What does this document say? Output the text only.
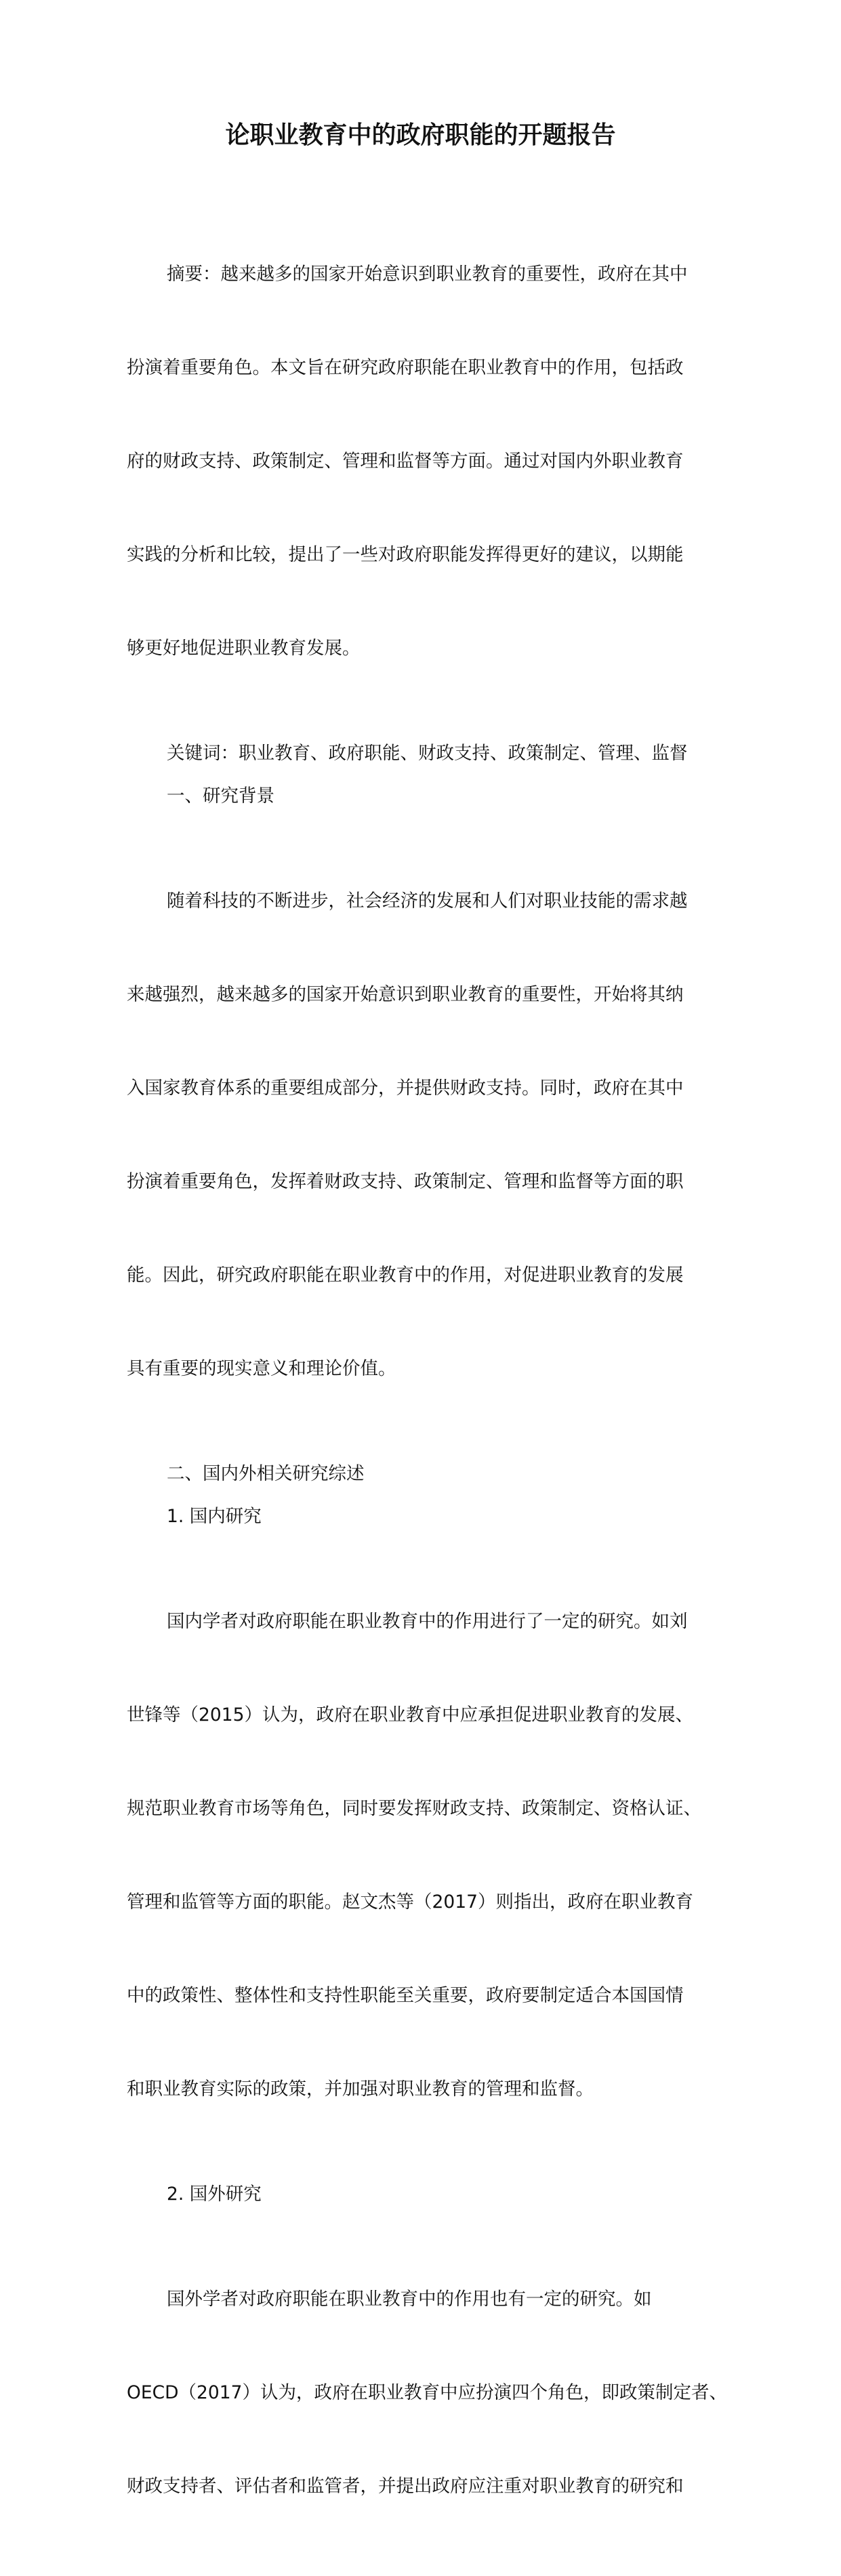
论职业教育中的政府职能的开题报告

摘要：越来越多的国家开始意识到职业教育的重要性，政府在其中

扮演着重要角色。本文旨在研究政府职能在职业教育中的作用，包括政

府的财政支持、政策制定、管理和监督等方面。通过对国内外职业教育

实践的分析和比较，提出了一些对政府职能发挥得更好的建议，以期能

够更好地促进职业教育发展。

关键词：职业教育、政府职能、财政支持、政策制定、管理、监督
一、研究背景

随着科技的不断进步，社会经济的发展和人们对职业技能的需求越

来越强烈，越来越多的国家开始意识到职业教育的重要性，开始将其纳

入国家教育体系的重要组成部分，并提供财政支持。同时，政府在其中

扮演着重要角色，发挥着财政支持、政策制定、管理和监督等方面的职

能。因此，研究政府职能在职业教育中的作用，对促进职业教育的发展

具有重要的现实意义和理论价值。

二、国内外相关研究综述
1. 国内研究

国内学者对政府职能在职业教育中的作用进行了一定的研究。如刘

世锋等（2015）认为，政府在职业教育中应承担促进职业教育的发展、

规范职业教育市场等角色，同时要发挥财政支持、政策制定、资格认证、

管理和监管等方面的职能。赵文杰等（2017）则指出，政府在职业教育

中的政策性、整体性和支持性职能至关重要，政府要制定适合本国国情

和职业教育实际的政策，并加强对职业教育的管理和监督。

2. 国外研究

国外学者对政府职能在职业教育中的作用也有一定的研究。如

OECD（2017）认为，政府在职业教育中应扮演四个角色，即政策制定者、

财政支持者、评估者和监管者，并提出政府应注重对职业教育的研究和
